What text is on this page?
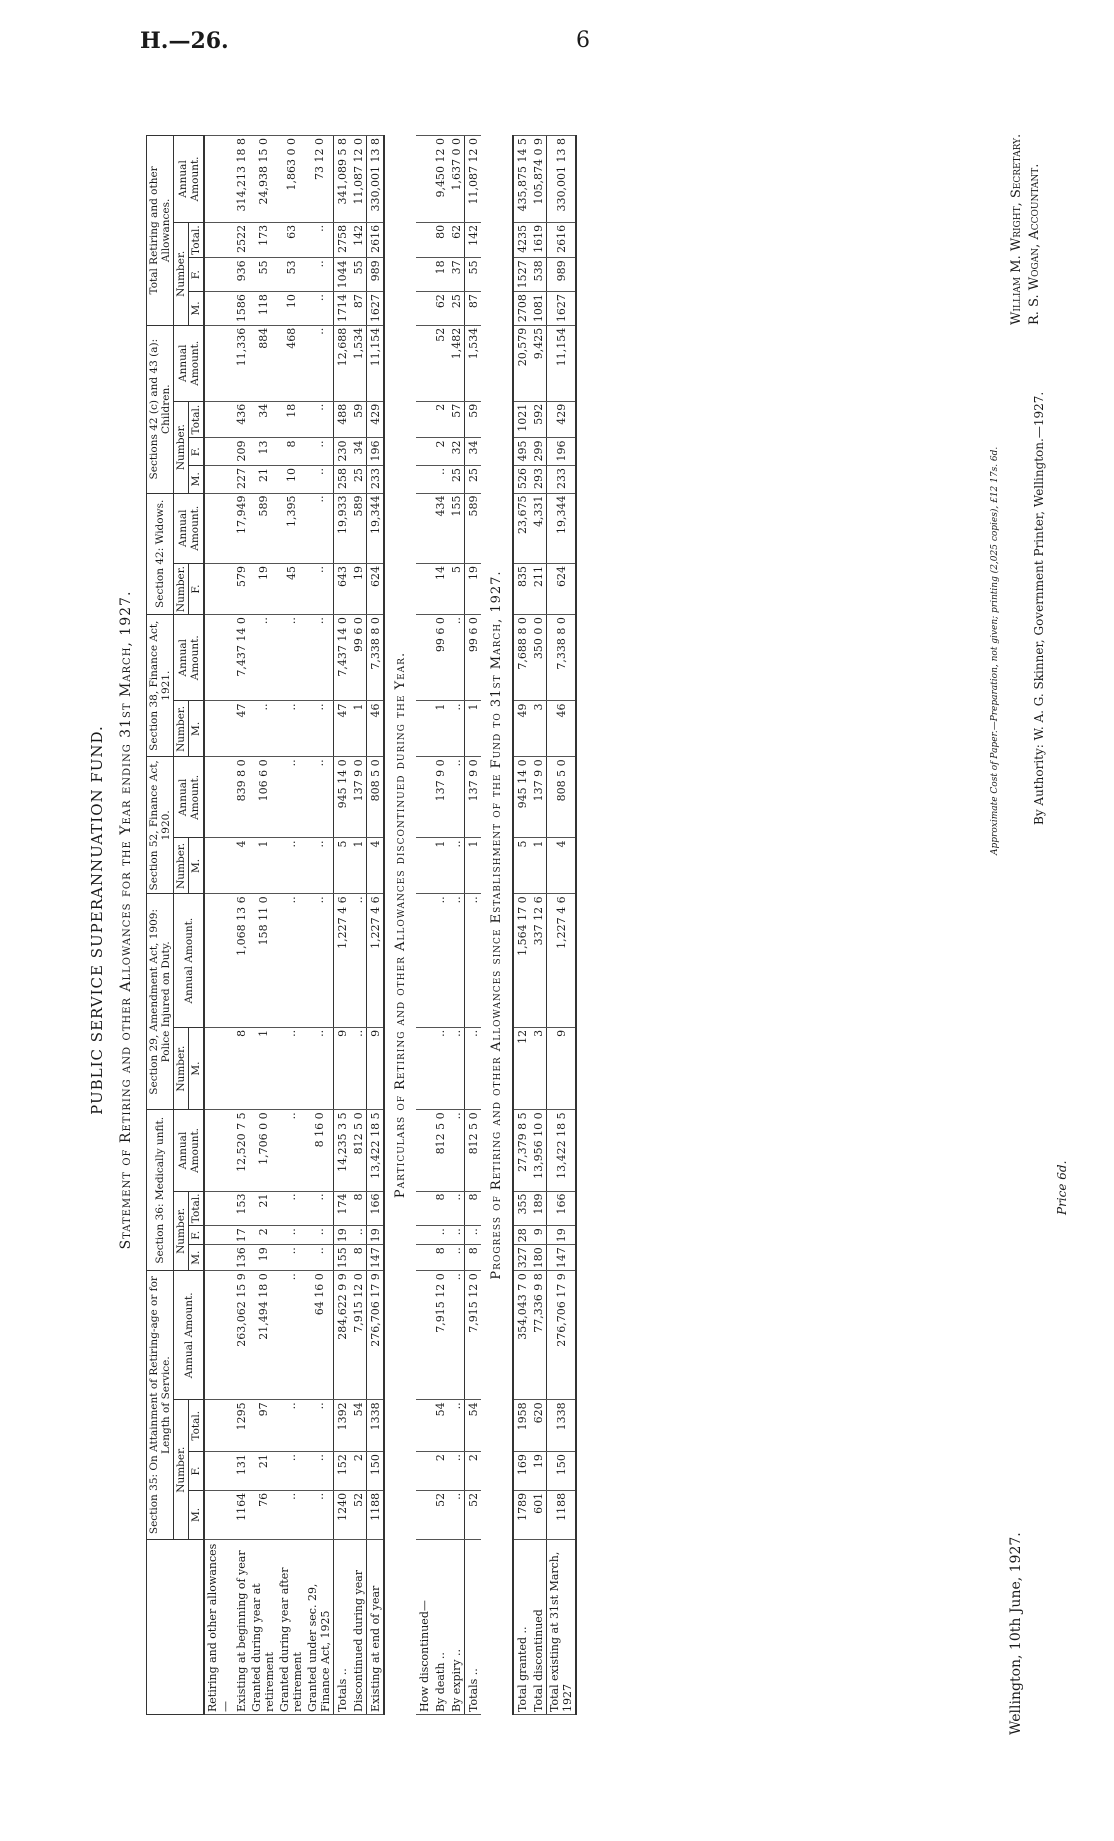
H.—26.	6
PUBLIC SERVICE SUPERANNUATION FUND. Statement of Retiring and other Allowances for the Year ending 31st March, 1927.
	Section 35: On Attainment of Retiring-age or for Length of Service.				Section 36: Medically unfit.				Section 29, Amendment Act, 1909: Police Injured on Duty.		Section 52, Finance Act, 1920.		Section 38, Finance Act, 1921.		Section 42: Widows.		Sections 42 (c) and 43 (a): Children.				Total Retiring and other Allowances.			
	Number.			Annual Amount.	Number.			Annual Amount.	Number.	Annual Amount.	Number.	Annual Amount.	Number.	Annual Amount.	Number.	Annual Amount.	Number.			Annual Amount.	Number.			Annual Amount.
	M.	F.	Total.		M.	F.	Total.		M.		M.		M.		F.		M.	F.	Total.		M.	F.	Total.	
Retiring and other allowances—																								
Existing at beginning of year	1164	131	1295	263,062 15 9	136	17	153	12,520 7 5	8	1,068 13 6	4	839 8 0	47	7,437 14 0	579	17,949	227	209	436	11,336	1586	936	2522	314,213 18 8
Granted during year at retirement	76	21	97	21,494 18 0	19	2	21	1,706 0 0	1	158 11 0	1	106 6 0	..	..	19	589	21	13	34	884	118	55	173	24,938 15 0
Granted during year after retirement	..	..	..	..	..	..	..	..	..	..	..	..	..	..	45	1,395	10	8	18	468	10	53	63	1,863 0 0
Granted under sec. 29, Finance Act, 1925	..	..	..	64 16 0	..	..	..	8 16 0	..	..	..	..	..	..	..	..	..	..	..	..	..	..	..	73 12 0
Totals ..	1240	152	1392	284,622 9 9	155	19	174	14,235 3 5	9	1,227 4 6	5	945 14 0	47	7,437 14 0	643	19,933	258	230	488	12,688	1714	1044	2758	341,089 5 8
Discontinued during year	52	2	54	7,915 12 0	8	..	8	812 5 0	..	..	1	137 9 0	1	99 6 0	19	589	25	34	59	1,534	87	55	142	11,087 12 0
Existing at end of year	1188	150	1338	276,706 17 9	147	19	166	13,422 18 5	9	1,227 4 6	4	808 5 0	46	7,338 8 0	624	19,344	233	196	429	11,154	1627	989	2616	330,001 13 8
Particulars of Retiring and other Allowances discontinued during the Year.																								
How discontinued—																								
By death ..	52	2	54	7,915 12 0	8	..	8	812 5 0	..	..	1	137 9 0	1	99 6 0	14	434	..	2	2	52	62	18	80	9,450 12 0
By expiry ..	..	..	..	..	..	..	..	..	..	..	..	..	..	..	5	155	25	32	57	1,482	25	37	62	1,637 0 0
Totals ..	52	2	54	7,915 12 0	8	..	8	812 5 0	..	..	1	137 9 0	1	99 6 0	19	589	25	34	59	1,534	87	55	142	11,087 12 0
Progress of Retiring and other Allowances since Establishment of the Fund to 31st March, 1927.																								
Total granted ..	1789	169	1958	354,043 7 0	327	28	355	27,379 8 5	12	1,564 17 0	5	945 14 0	49	7,688 8 0	835	23,675	526	495	1021	20,579	2708	1527	4235	435,875 14 5
Total discontinued	601	19	620	77,336 9 8	180	9	189	13,956 10 0	3	337 12 6	1	137 9 0	3	350 0 0	211	4,331	293	299	592	9,425	1081	538	1619	105,874 0 9
Total existing at 31st March, 1927	1188	150	1338	276,706 17 9	147	19	166	13,422 18 5	9	1,227 4 6	4	808 5 0	46	7,338 8 0	624	19,344	233	196	429	11,154	1627	989	2616	330,001 13 8
Wellington, 10th June, 1927.
Approximate Cost of Paper.—Preparation, not given; printing (2,025 copies), £12 17s. 6d.	By Authority: W. A. G. Skinner, Government Printer, Wellington.—1927.
Price 6d.
William M. Wright, Secretary. R. S. Wogan, Accountant.
